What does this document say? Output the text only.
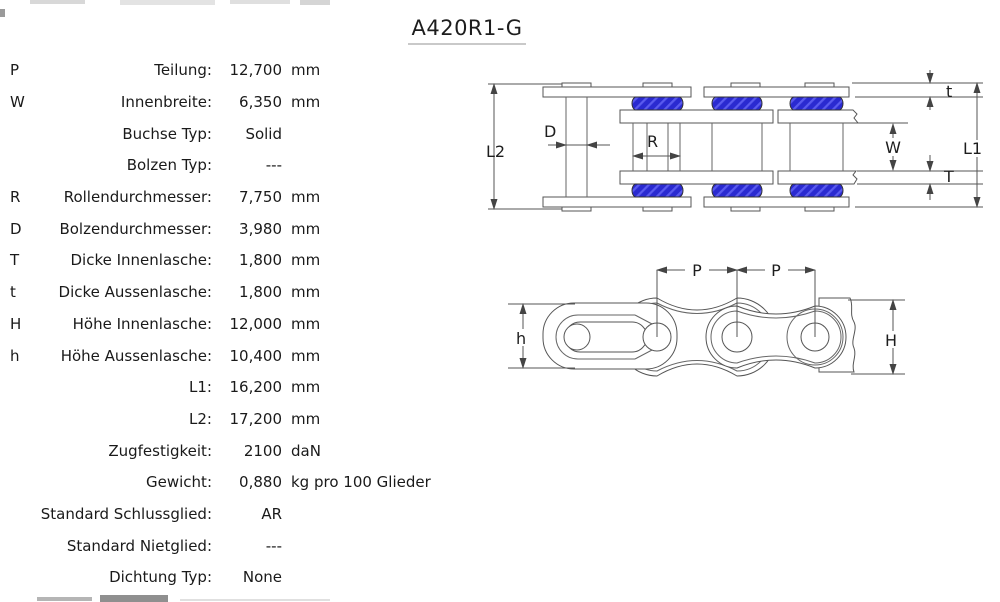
A420R1-G
P	Teilung:	12,700 mm
W	Innenbreite:	6,350 mm
Buchse Typ:	Solid
Bolzen Typ:	---
R	Rollendurchmesser:	7,750 mm
D	Bolzendurchmesser:	3,980 mm
T	Dicke Innenlasche:	1,800 mm
t	Dicke Aussenlasche:	1,800 mm
H	Höhe Innenlasche:	12,000 mm
h	Höhe Aussenlasche:	10,400 mm
L1:	16,200 mm
L2:	17,200 mm
Zugfestigkeit:	2100 daN
Gewicht:	0,880 kg pro 100 Glieder
Standard Schlussglied:	AR
Standard Nietglied:	---
Dichtung Typ:	None
L2
D
R	W
t
T
L1
P	P
h	H
